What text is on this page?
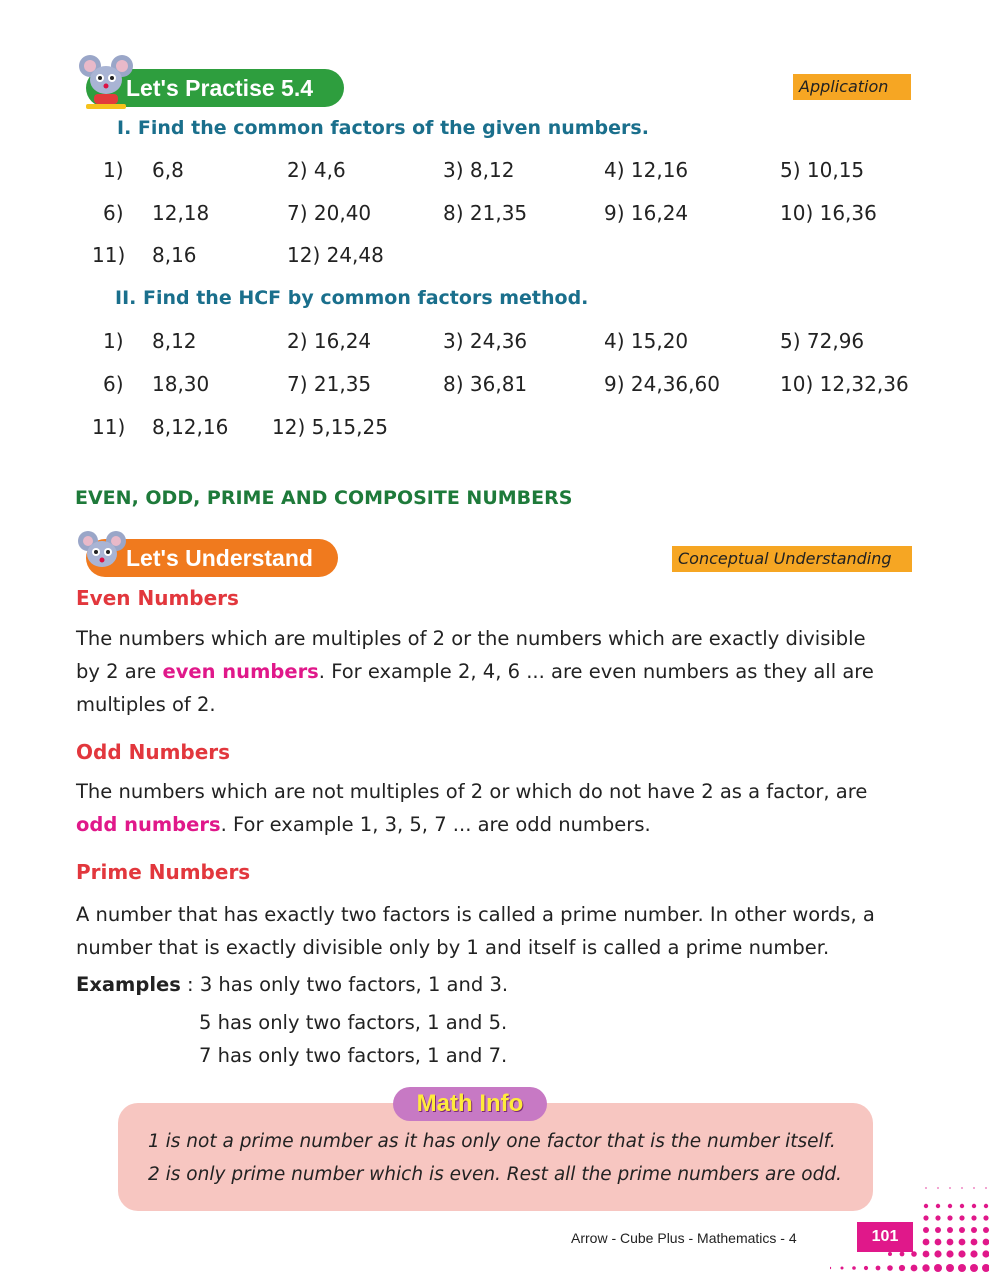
Let's Practise 5.4	Application
I. Find the common factors of the given numbers.
1) 6,8	2) 4,6	3) 8,12	4) 12,16	5) 10,15
6) 12,18	7) 20,40	8) 21,35	9) 16,24	10) 16,36
11) 8,16	12) 24,48
II. Find the HCF by common factors method.
1) 8,12	2) 16,24	3) 24,36	4) 15,20	5) 72,96
6) 18,30	7) 21,35	8) 36,81	9) 24,36,60	10) 12,32,36
11) 8,12,16 12) 5,15,25
EVEN, ODD, PRIME AND COMPOSITE NUMBERS
Let's Understand	Conceptual Understanding
Even Numbers
The numbers which are multiples of 2 or the numbers which are exactly divisible
by 2 are even numbers. For example 2, 4, 6 ... are even numbers as they all are
multiples of 2.
Odd Numbers
The numbers which are not multiples of 2 or which do not have 2 as a factor, are
odd numbers. For example 1, 3, 5, 7 ... are odd numbers.
Prime Numbers
A number that has exactly two factors is called a prime number. In other words, a
number that is exactly divisible only by 1 and itself is called a prime number.
Examples : 3 has only two factors, 1 and 3.
5 has only two factors, 1 and 5.
7 has only two factors, 1 and 7.
Math Info
1 is not a prime number as it has only one factor that is the number itself.
2 is only prime number which is even. Rest all the prime numbers are odd.
Arrow - Cube Plus - Mathematics - 4	101
